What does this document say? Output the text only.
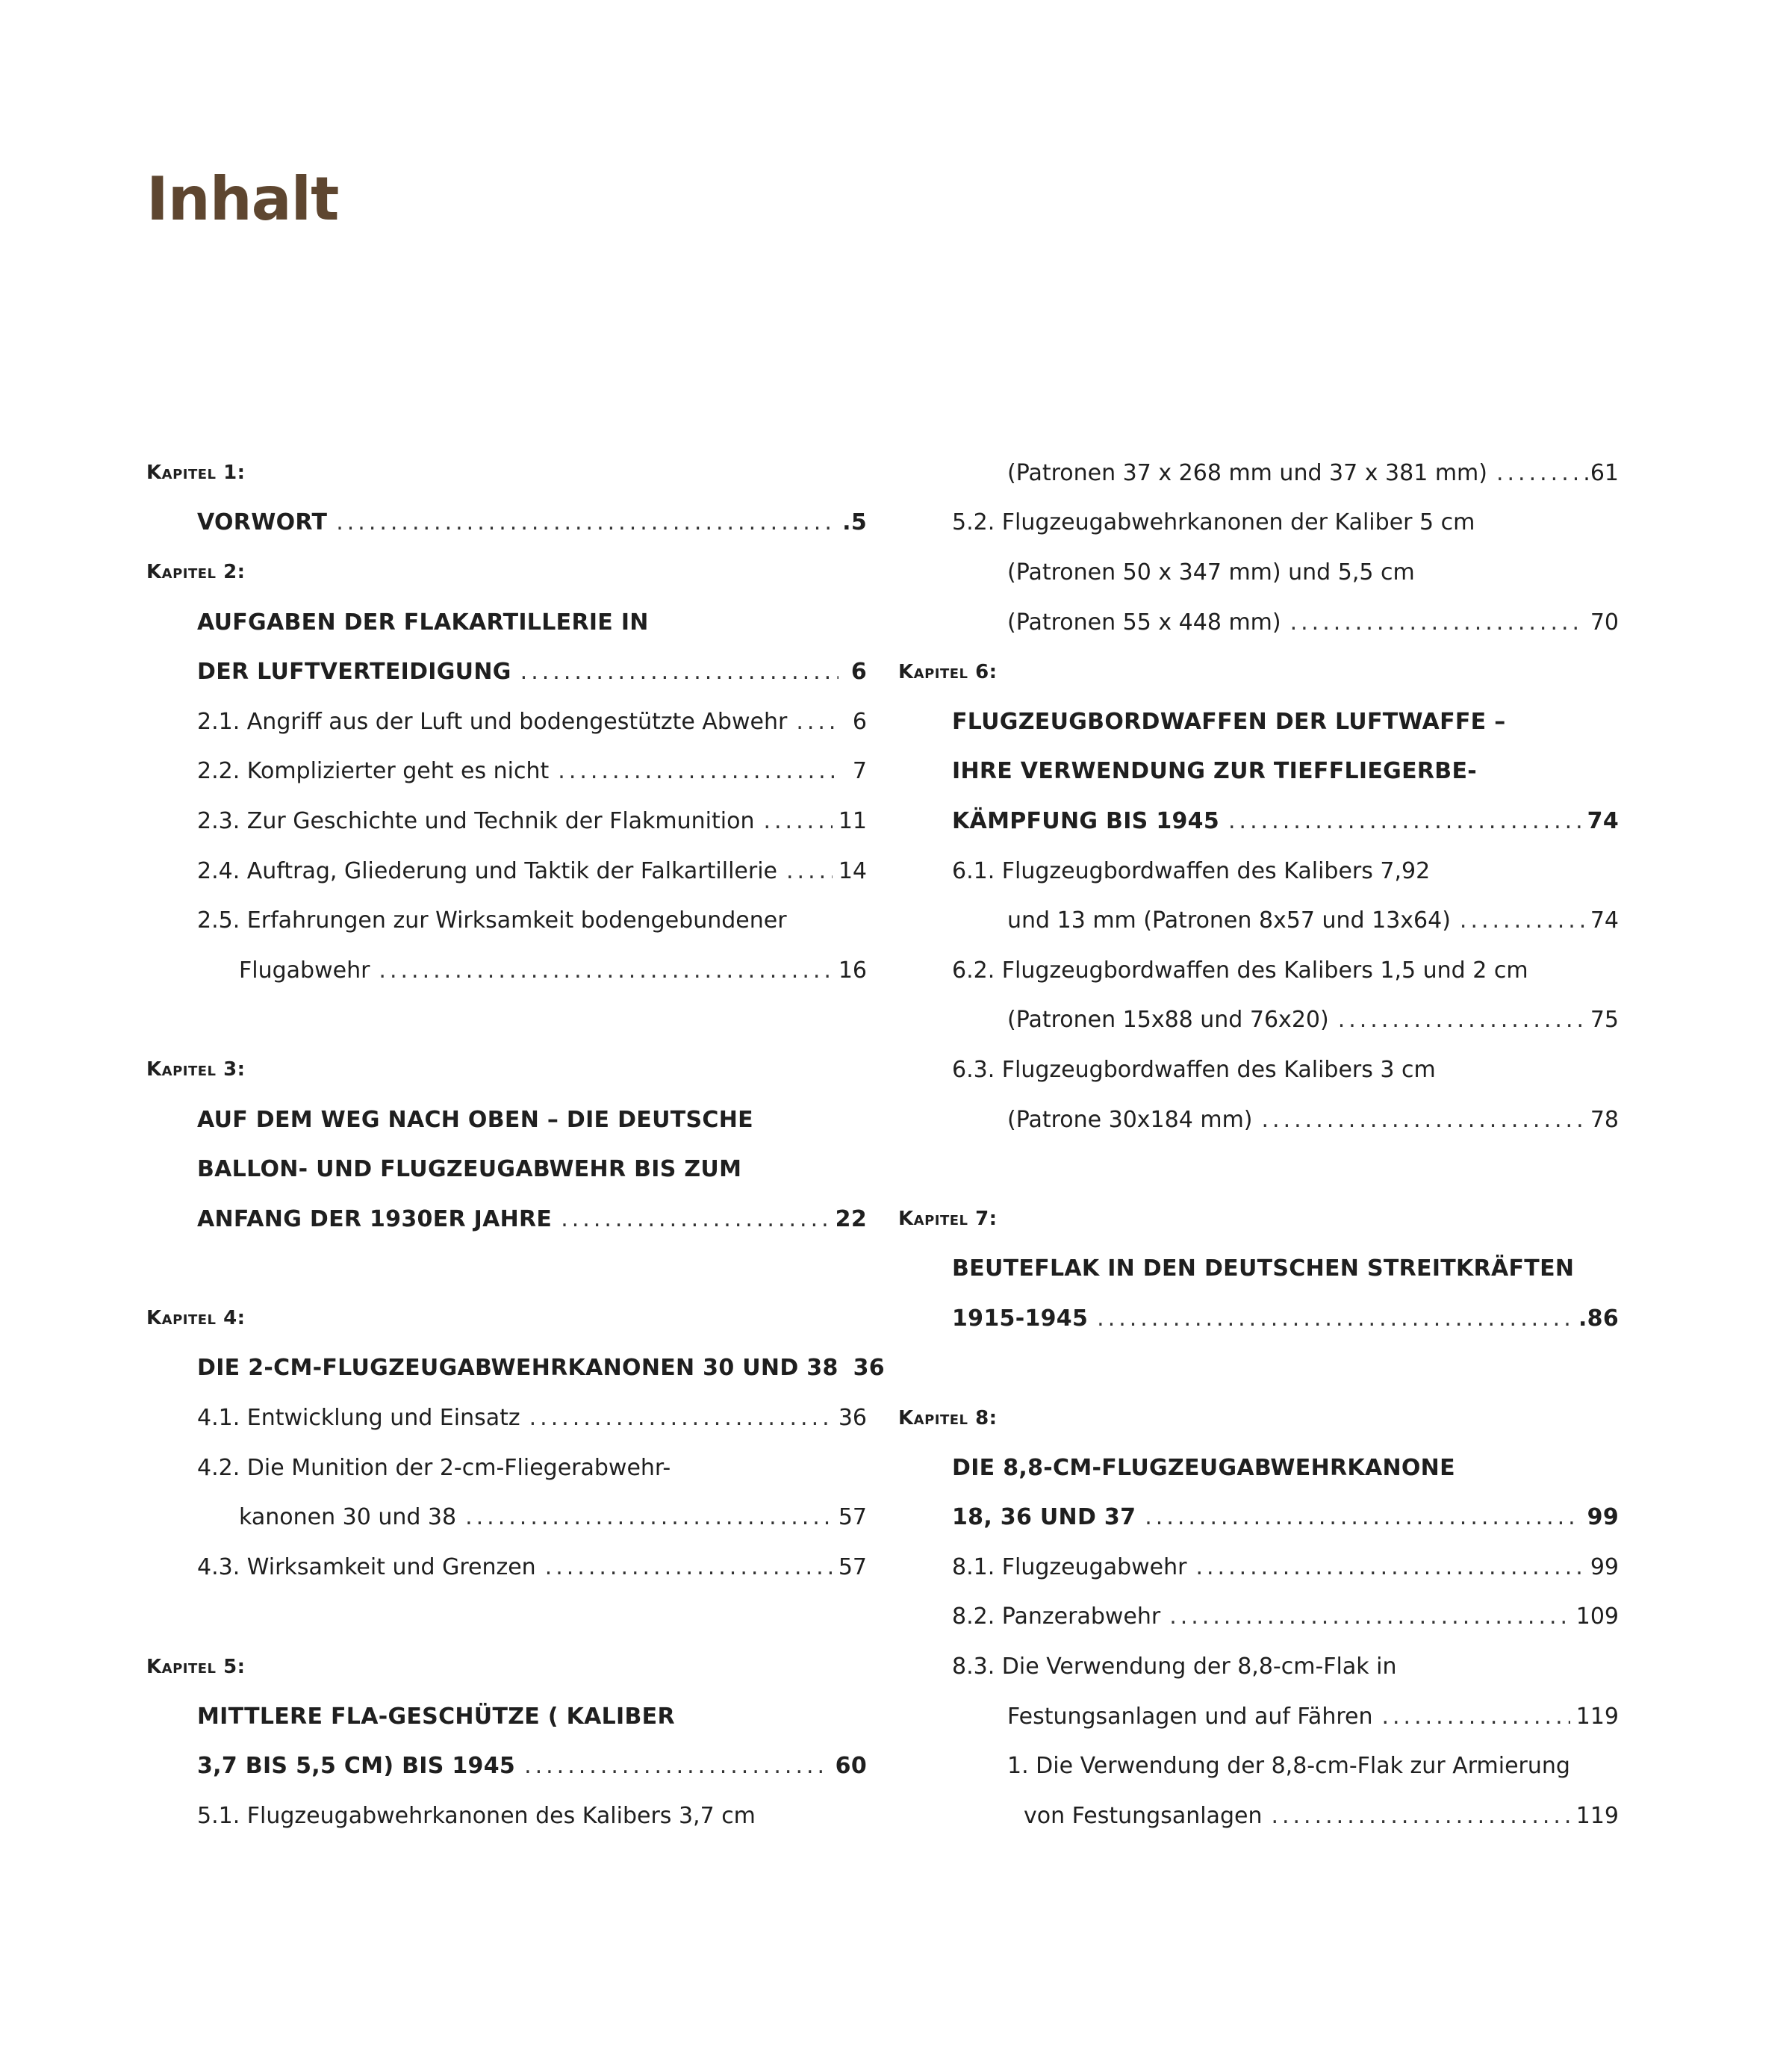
Inhalt
Kapitel 1:
VORWORT .....	.5
Kapitel 2:
AUFGABEN DER FLAKARTILLERIE IN
DER LUFTVERTEIDIGUNG .....	6
2.1. Angriff aus der Luft und bodengestützte Abwehr .....	6
2.2. Komplizierter geht es nicht .....	7
2.3. Zur Geschichte und Technik der Flakmunition .....	11
2.4. Auftrag, Gliederung und Taktik der Falkartillerie .....	14
2.5. Erfahrungen zur Wirksamkeit bodengebundener
Flugabwehr .....	16
Kapitel 3:
AUF DEM WEG NACH OBEN – DIE DEUTSCHE
BALLON- UND FLUGZEUGABWEHR BIS ZUM
ANFANG DER 1930ER JAHRE .....	22
Kapitel 4:
DIE 2-CM-FLUGZEUGABWEHRKANONEN 30 UND 38 36
4.1. Entwicklung und Einsatz .....	36
4.2. Die Munition der 2-cm-Fliegerabwehr-
kanonen 30 und 38 .....	57
4.3. Wirksamkeit und Grenzen .....	57
Kapitel 5:
MITTLERE FLA-GESCHÜTZE ( KALIBER
3,7 BIS 5,5 CM) BIS 1945 .....	60
5.1. Flugzeugabwehrkanonen des Kalibers 3,7 cm
(Patronen 37 x 268 mm und 37 x 381 mm) .....	.61
5.2. Flugzeugabwehrkanonen der Kaliber 5 cm
(Patronen 50 x 347 mm) und 5,5 cm
(Patronen 55 x 448 mm) .....	70
Kapitel 6:
FLUGZEUGBORDWAFFEN DER LUFTWAFFE –
IHRE VERWENDUNG ZUR TIEFFLIEGERBE-
KÄMPFUNG BIS 1945 .....	74
6.1. Flugzeugbordwaffen des Kalibers 7,92
und 13 mm (Patronen 8x57 und 13x64) .....	74
6.2. Flugzeugbordwaffen des Kalibers 1,5 und 2 cm
(Patronen 15x88 und 76x20) .....	75
6.3. Flugzeugbordwaffen des Kalibers 3 cm
(Patrone 30x184 mm) .....	78
Kapitel 7:
BEUTEFLAK IN DEN DEUTSCHEN STREITKRÄFTEN
1915-1945 .....	.86
Kapitel 8:
DIE 8,8-CM-FLUGZEUGABWEHRKANONE
18, 36 UND 37 .....	99
8.1. Flugzeugabwehr .....	99
8.2. Panzerabwehr .....	109
8.3. Die Verwendung der 8,8-cm-Flak in
Festungsanlagen und auf Fähren .....	119
1. Die Verwendung der 8,8-cm-Flak zur Armierung
von Festungsanlagen .....	119
